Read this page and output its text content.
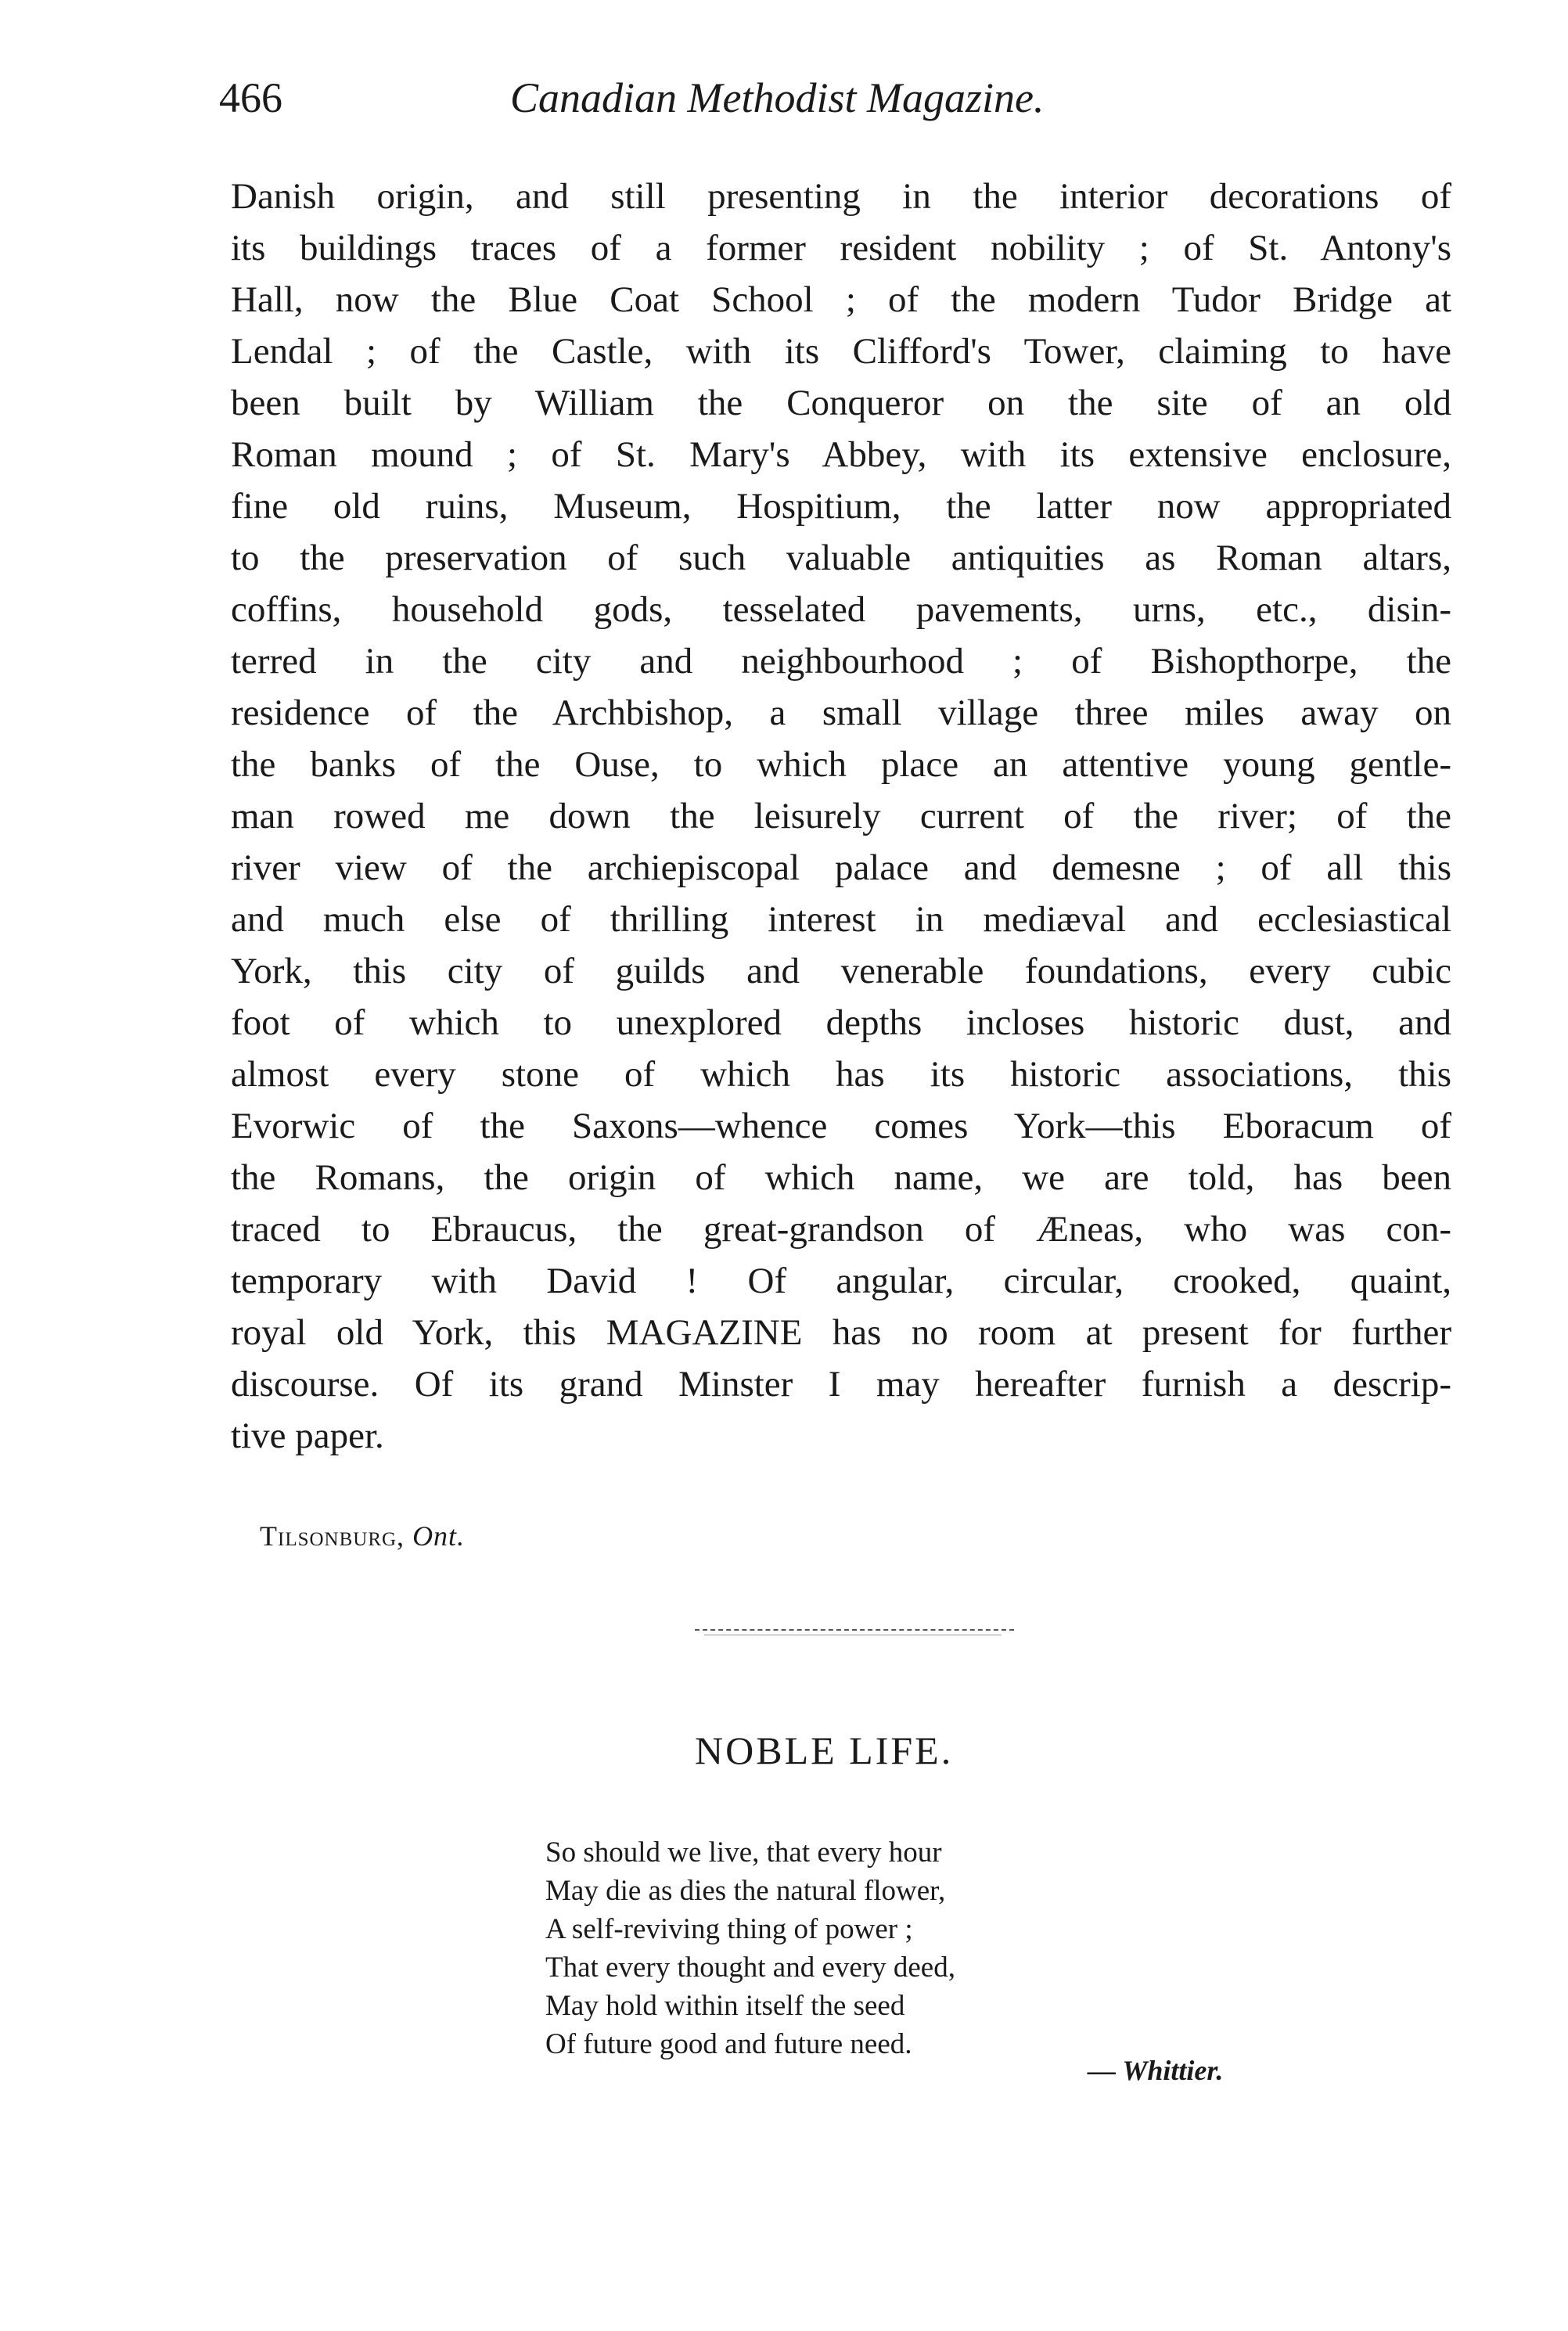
466	Canadian Methodist Magazine.
Danish origin, and still presenting in the interior decorations of
its buildings traces of a former resident nobility ; of St. Antony's
Hall, now the Blue Coat School ; of the modern Tudor Bridge at
Lendal ; of the Castle, with its Clifford's Tower, claiming to have
been built by William the Conqueror on the site of an old
Roman mound ; of St. Mary's Abbey, with its extensive enclosure,
fine old ruins, Museum, Hospitium, the latter now appropriated
to the preservation of such valuable antiquities as Roman altars,
coffins, household gods, tesselated pavements, urns, etc., disin-
terred in the city and neighbourhood ; of Bishopthorpe, the
residence of the Archbishop, a small village three miles away on
the banks of the Ouse, to which place an attentive young gentle-
man rowed me down the leisurely current of the river; of the
river view of the archiepiscopal palace and demesne ; of all this
and much else of thrilling interest in mediæval and ecclesiastical
York, this city of guilds and venerable foundations, every cubic
foot of which to unexplored depths incloses historic dust, and
almost every stone of which has its historic associations, this
Evorwic of the Saxons—whence comes York—this Eboracum of
the Romans, the origin of which name, we are told, has been
traced to Ebraucus, the great-grandson of Æneas, who was con-
temporary with David ! Of angular, circular, crooked, quaint,
royal old York, this MAGAZINE has no room at present for further
discourse. Of its grand Minster I may hereafter furnish a descrip-
tive paper.
Tilsonburg, Ont.
NOBLE LIFE.
So should we live, that every hour
May die as dies the natural flower,
A self-reviving thing of power ;
That every thought and every deed,
May hold within itself the seed
Of future good and future need.
— Whittier.
